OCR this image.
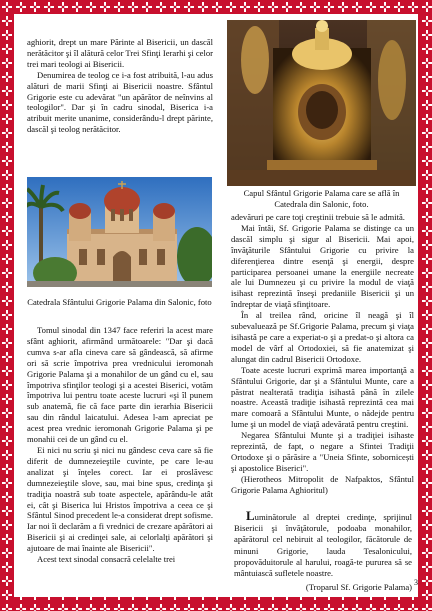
aghiorit, drept un mare Părinte al Bisericii, un dascăl nerătăcitor şi îl alătură celor Trei Sfinţi Ierarhi şi celor trei mari teologi ai Bisericii.

Denumirea de teolog ce i-a fost atribuită, l-au adus alături de marii Sfinţi ai Bisericii noastre. Sfântul Grigorie este cu adevărat "un apărător de neînvins al teologilor". Dar şi în cadru sinodal, Biserica i-a atribuit merite unanime, considerându-l drept părinte, dascăl şi teolog nerătăcitor.

Capul Sfântul Grigorie Palama care se află în Catedrala din Salonic, foto.
Catedrala Sfântului Grigorie Palama din Salonic, foto

Tomul sinodal din 1347 face referiri la acest mare sfânt aghiorit, afirmând următoarele: "Dar şi dacă cumva s-ar afla cineva care să gândească, să afirme ori să scrie împotriva prea vrednicului ieromonah Grigorie Palama şi a monahilor de un gând cu el, sau împotriva sfinţilor teologi şi a acestei Biserici, votăm împotriva lui pentru toate aceste lucruri «şi îl punem sub anatemă, fie că face parte din ierarhia Bisericii sau din rândul laicatului. Adesea l-am apreciat pe acest prea vrednic ieromonah Grigorie Palama şi pe monahii cei de un gând cu el.

Ei nici nu scriu şi nici nu gândesc ceva care să fie diferit de dumnezeieştile cuvinte, pe care le-au analizat şi înţeles corect. Iar ei proslăvesc dumnezeieştile slove, sau, mai bine spus, credinţa şi tradiţia noastră sub toate aspectele, apărându-le atât ei, cât şi Biserica lui Hristos împotriva a ceea ce şi Sfântul Sinod precedent le-a considerat drept sofisme. Iar noi îi declarăm a fi vrednici de crezare apărători ai Bisericii şi ai credinţei sale, ai celorlalţi apărători şi ajutoare de mai înainte ale Bisericii".

Acest text sinodal consacră celelalte trei

adevăruri pe care toţi creştinii trebuie să le admită.

Mai întâi, Sf. Grigorie Palama se distinge ca un dascăl simplu şi sigur al Bisericii. Mai apoi, învăţăturile Sfântului Grigorie cu privire la diferenţierea dintre esenţă şi energii, despre participarea persoanei umane la energiile necreate ale lui Dumnezeu şi cu privire la modul de viaţă isihast reprezintă înseşi predaniile Bisericii şi un îndreptar de viaţă sfinţitoare.

În al treilea rând, oricine îl neagă şi îl subevaluează pe Sf.Grigorie Palama, precum şi viaţa isihastă pe care a experiat-o şi a predat-o şi altora ca model de vârf al Ortodoxiei, să fie anatemizat şi alungat din cadrul Bisericii Ortodoxe.

Toate aceste lucruri exprimă marea importanţă a Sfântului Grigorie, dar şi a Sfântului Munte, care a păstrat nealterată tradiţia isihastă până în zilele noastre. Această tradiţie isihastă reprezintă cea mai mare comoară a Sfântului Munte, o nădejde pentru lume şi un model de viaţă adevărată pentru creştini.

Negarea Sfântului Munte şi a tradiţiei isihaste reprezintă, de fapt, o negare a Sfintei Tradiţii Ortodoxe şi o părăsire a "Uneia Sfinte, sobornicești şi apostolice Biserici".

(Hierotheos Mitropolit de Nafpaktos, Sfântul Grigorie Palama Aghioritul)

Luminătorule al dreptei credinţe, sprijinul Bisericii şi învăţătorule, podoaba monahilor, apărătorul cel nebiruit al teologilor, făcătorule de minuni Grigorie, lauda Tesalonicului, propovăduitorule al harului, roagă-te pururea să se mântuiască sufletele noastre.

(Troparul Sf. Grigorie Palama) 3
